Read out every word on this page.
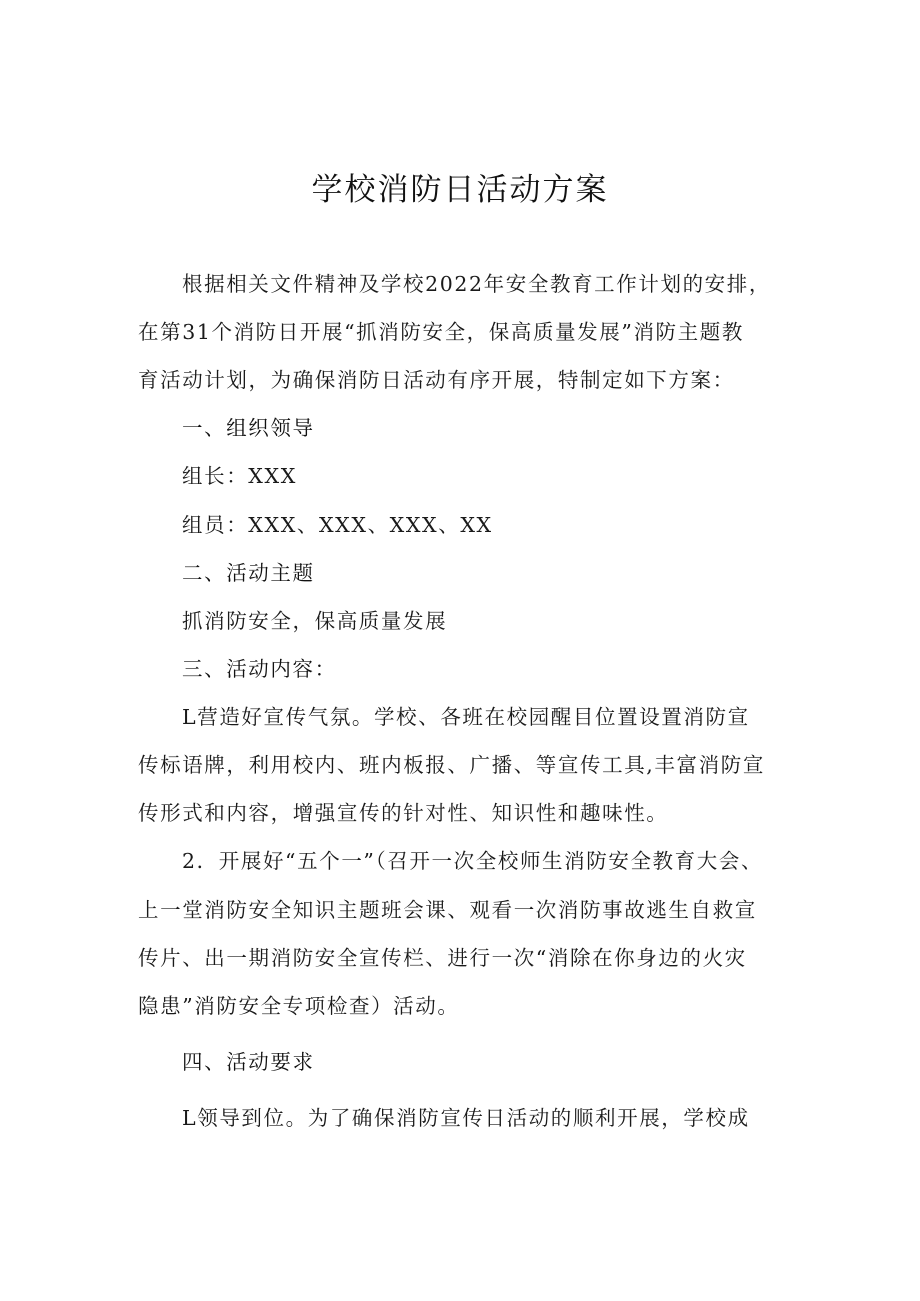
学校消防日活动方案
根据相关文件精神及学校2022年安全教育工作计划的安排，
在第31个消防日开展“抓消防安全，保高质量发展”消防主题教
育活动计划，为确保消防日活动有序开展，特制定如下方案：
一、组织领导
组长：XXX
组员：XXX、XXX、XXX、XX
二、活动主题
抓消防安全，保高质量发展
三、活动内容：
L营造好宣传气氛。学校、各班在校园醒目位置设置消防宣
传标语牌，利用校内、班内板报、广播、等宣传工具,丰富消防宣
传形式和内容，增强宣传的针对性、知识性和趣味性。
2．开展好“五个一”（召开一次全校师生消防安全教育大会、
上一堂消防安全知识主题班会课、观看一次消防事故逃生自救宣
传片、出一期消防安全宣传栏、进行一次“消除在你身边的火灾
隐患”消防安全专项检查）活动。
四、活动要求
L领导到位。为了确保消防宣传日活动的顺利开展，学校成
